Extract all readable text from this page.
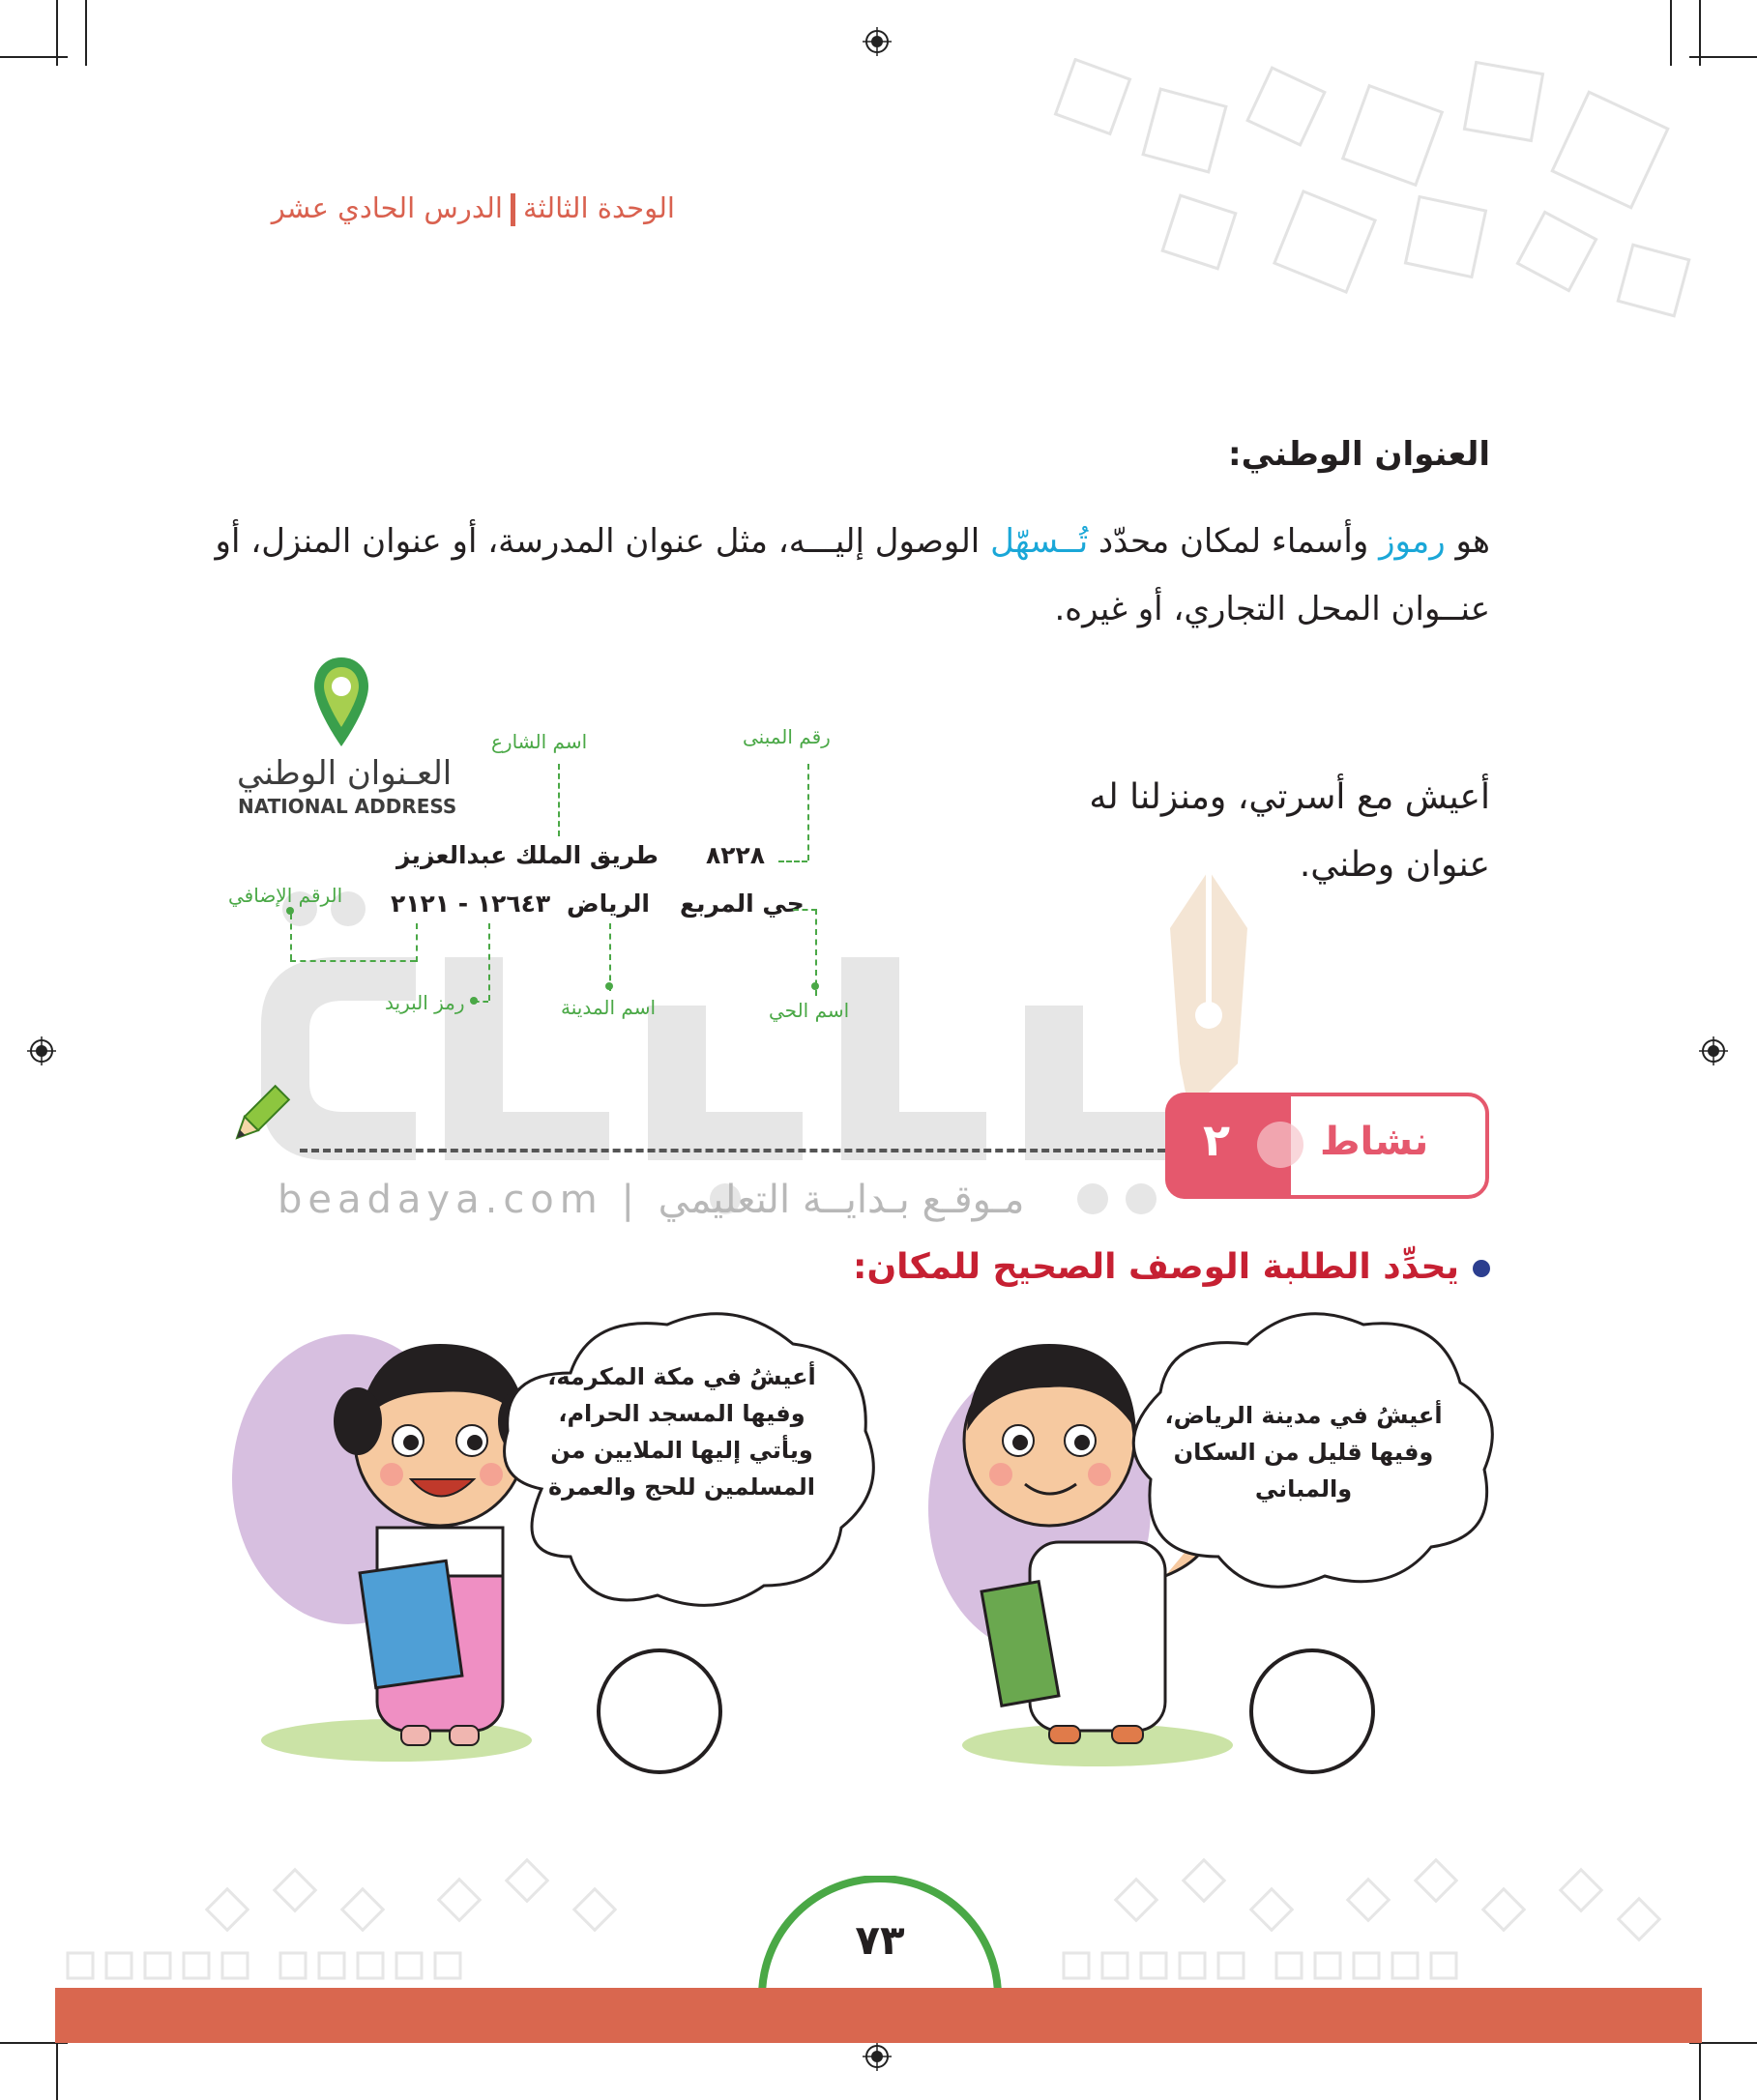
الوحدة الثالثةالدرس الحادي عشر
العنوان الوطني:
هو رموز وأسماء لمكان محدّد تُــسهّل الوصول إليـــه، مثل عنوان المدرسة، أو عنوان المنزل، أو عنــوان المحل التجاري، أو غيره.
أعيش مع أسرتي، ومنزلنا له عنوان وطني.
العـنوان الوطني
NATIONAL ADDRESS
رقم المبنى
اسم الشارع
الرقم الإضافي
رمز البريد	اسم المدينة	اسم الحي
٨٢٢٨
طريق الملك عبدالعزيز
حي المربع
الرياض
١٢٦٤٣ - ٢١٢١
٢ نشاط
beadaya.com | مـوقـع بـدايــة التعليمي
يحدِّد الطلبة الوصف الصحيح للمكان:
أعيشُ في مكة المكرمة، وفيها المسجد الحرام، ويأتي إليها الملايين من المسلمين للحج والعمرة
أعيشُ في مدينة الرياض، وفيها قليل من السكان والمباني
٧٣
